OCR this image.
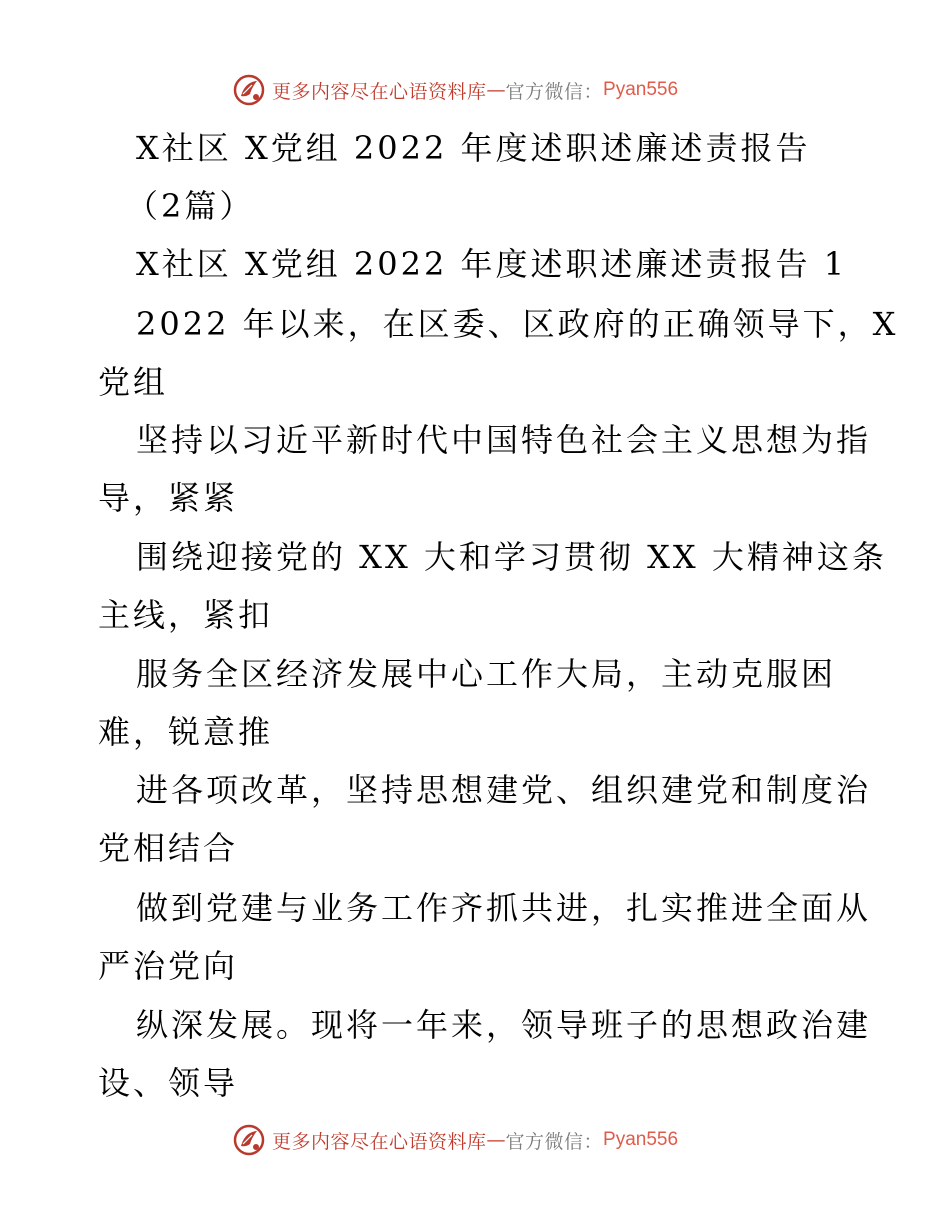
更多内容尽在心语资料库 — 官方微信： Pyan556
X社区 X党组 2022 年度述职述廉述责报告
（2篇）
X社区 X党组 2022 年度述职述廉述责报告 1
2022 年以来，在区委、区政府的正确领导下，X
党组
坚持以习近平新时代中国特色社会主义思想为指
导，紧紧
围绕迎接党的 XX 大和学习贯彻 XX 大精神这条
主线，紧扣
服务全区经济发展中心工作大局，主动克服困
难，锐意推
进各项改革，坚持思想建党、组织建党和制度治
党相结合
做到党建与业务工作齐抓共进，扎实推进全面从
严治党向
纵深发展。现将一年来，领导班子的思想政治建
设、领导
更多内容尽在心语资料库 — 官方微信： Pyan556
